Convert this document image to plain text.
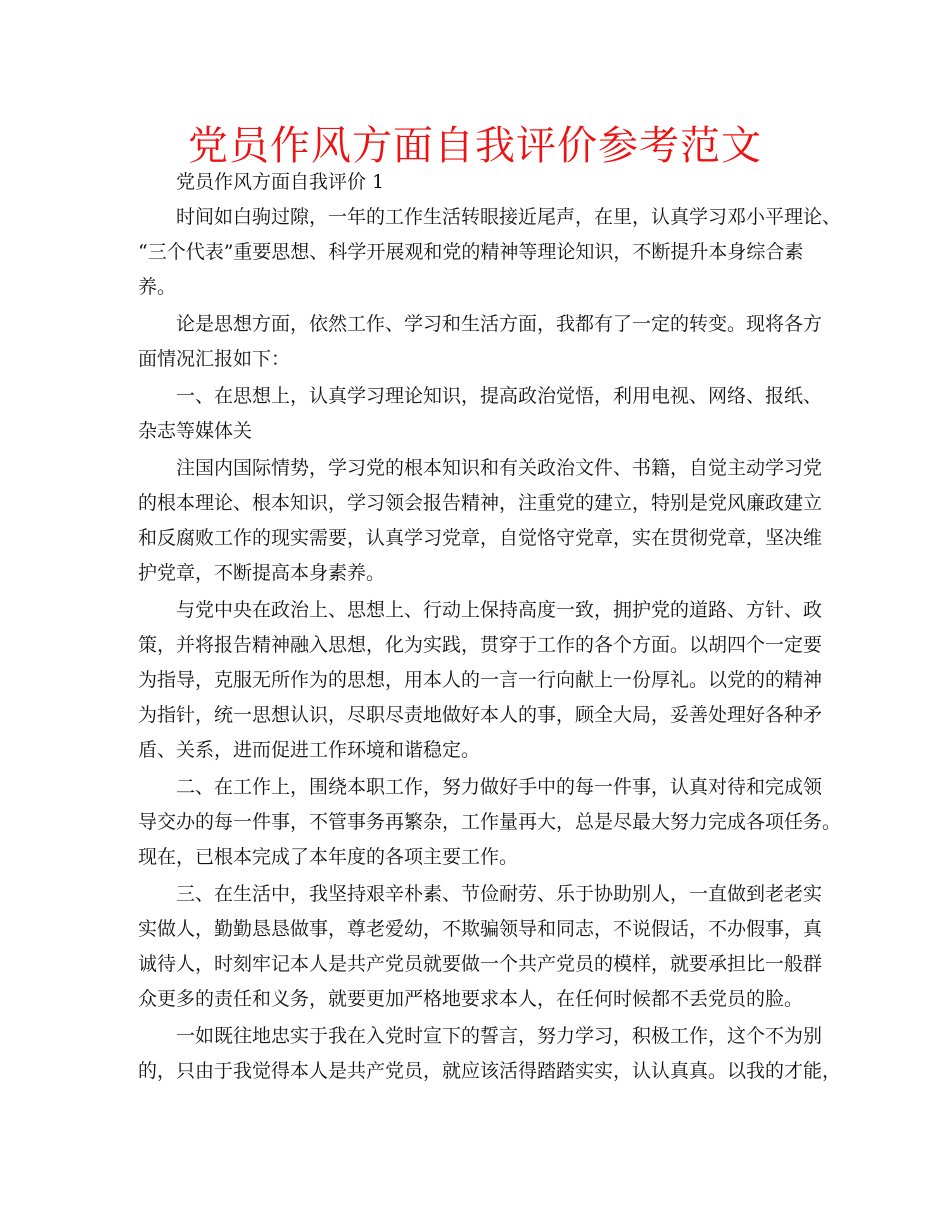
党员作风方面自我评价参考范文

党员作风方面自我评价 1

时间如白驹过隙，一年的工作生活转眼接近尾声，在里，认真学习邓小平理论、

“三个代表”重要思想、科学开展观和党的精神等理论知识，不断提升本身综合素

养。

论是思想方面，依然工作、学习和生活方面，我都有了一定的转变。现将各方

面情况汇报如下：

一、在思想上，认真学习理论知识，提高政治觉悟，利用电视、网络、报纸、

杂志等媒体关

注国内国际情势，学习党的根本知识和有关政治文件、书籍，自觉主动学习党

的根本理论、根本知识，学习领会报告精神，注重党的建立，特别是党风廉政建立

和反腐败工作的现实需要，认真学习党章，自觉恪守党章，实在贯彻党章，坚决维

护党章，不断提高本身素养。

与党中央在政治上、思想上、行动上保持高度一致，拥护党的道路、方针、政

策，并将报告精神融入思想，化为实践，贯穿于工作的各个方面。以胡四个一定要

为指导，克服无所作为的思想，用本人的一言一行向献上一份厚礼。以党的的精神

为指针，统一思想认识，尽职尽责地做好本人的事，顾全大局，妥善处理好各种矛

盾、关系，进而促进工作环境和谐稳定。

二、在工作上，围绕本职工作，努力做好手中的每一件事，认真对待和完成领

导交办的每一件事，不管事务再繁杂，工作量再大，总是尽最大努力完成各项任务。

现在，已根本完成了本年度的各项主要工作。

三、在生活中，我坚持艰辛朴素、节俭耐劳、乐于协助别人，一直做到老老实

实做人，勤勤恳恳做事，尊老爱幼，不欺骗领导和同志，不说假话，不办假事，真

诚待人，时刻牢记本人是共产党员就要做一个共产党员的模样，就要承担比一般群

众更多的责任和义务，就要更加严格地要求本人，在任何时候都不丢党员的脸。

一如既往地忠实于我在入党时宣下的誓言，努力学习，积极工作，这个不为别

的，只由于我觉得本人是共产党员，就应该活得踏踏实实，认认真真。以我的才能，
